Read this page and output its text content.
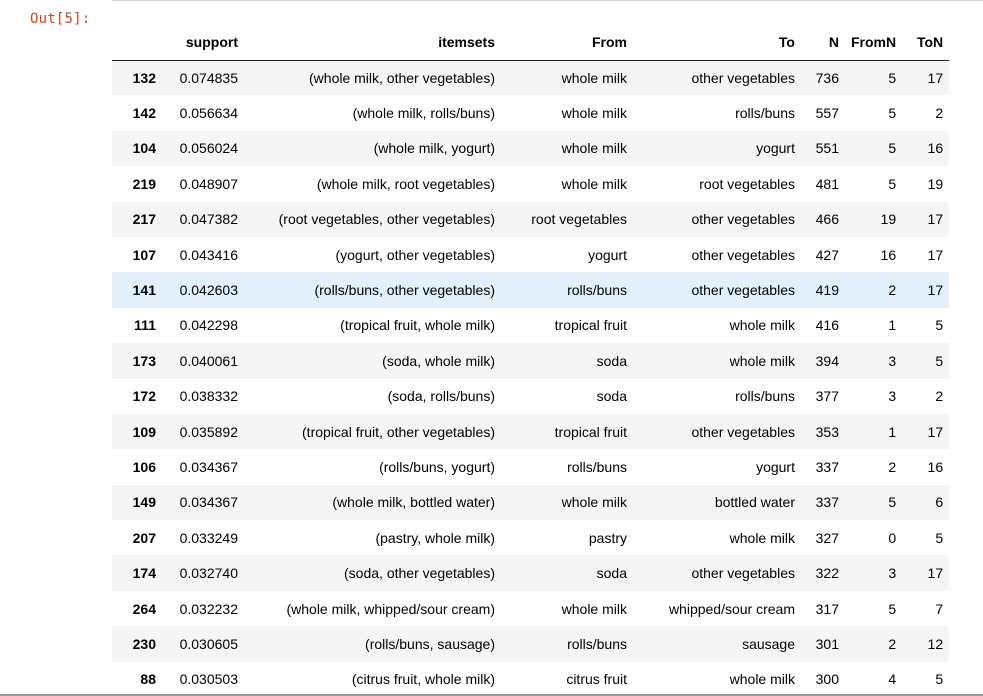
Out[5]:
	support	itemsets	From	To	N	FromN	ToN
132	0.074835	(whole milk, other vegetables)	whole milk	other vegetables	736	5	17
142	0.056634	(whole milk, rolls/buns)	whole milk	rolls/buns	557	5	2
104	0.056024	(whole milk, yogurt)	whole milk	yogurt	551	5	16
219	0.048907	(whole milk, root vegetables)	whole milk	root vegetables	481	5	19
217	0.047382	(root vegetables, other vegetables)	root vegetables	other vegetables	466	19	17
107	0.043416	(yogurt, other vegetables)	yogurt	other vegetables	427	16	17
141	0.042603	(rolls/buns, other vegetables)	rolls/buns	other vegetables	419	2	17
111	0.042298	(tropical fruit, whole milk)	tropical fruit	whole milk	416	1	5
173	0.040061	(soda, whole milk)	soda	whole milk	394	3	5
172	0.038332	(soda, rolls/buns)	soda	rolls/buns	377	3	2
109	0.035892	(tropical fruit, other vegetables)	tropical fruit	other vegetables	353	1	17
106	0.034367	(rolls/buns, yogurt)	rolls/buns	yogurt	337	2	16
149	0.034367	(whole milk, bottled water)	whole milk	bottled water	337	5	6
207	0.033249	(pastry, whole milk)	pastry	whole milk	327	0	5
174	0.032740	(soda, other vegetables)	soda	other vegetables	322	3	17
264	0.032232	(whole milk, whipped/sour cream)	whole milk	whipped/sour cream	317	5	7
230	0.030605	(rolls/buns, sausage)	rolls/buns	sausage	301	2	12
88	0.030503	(citrus fruit, whole milk)	citrus fruit	whole milk	300	4	5
